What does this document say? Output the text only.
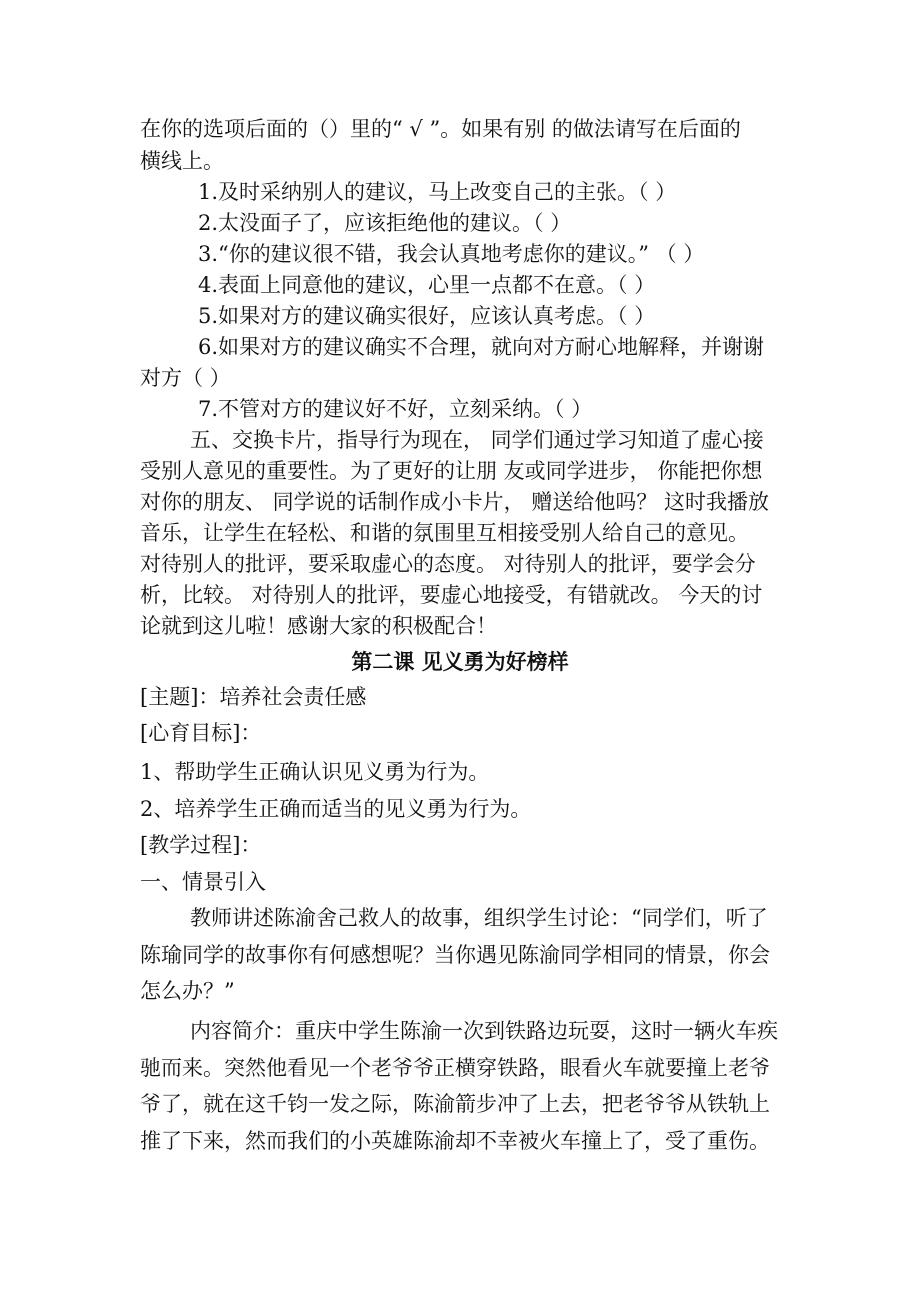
在你的选项后面的（）里的“ √ ”。如果有别 的做法请写在后面的
横线上。
1.及时采纳别人的建议，马上改变自己的主张。（ ）
2.太没面子了，应该拒绝他的建议。（ ）
3.“你的建议很不错，我会认真地考虑你的建议。” （ ）
4.表面上同意他的建议，心里一点都不在意。（ ）
5.如果对方的建议确实很好，应该认真考虑。（ ）
6.如果对方的建议确实不合理，就向对方耐心地解释，并谢谢
对方（ ）
7.不管对方的建议好不好，立刻采纳。（ ）
五、交换卡片，指导行为现在， 同学们通过学习知道了虚心接
受别人意见的重要性。为了更好的让朋 友或同学进步， 你能把你想
对你的朋友、 同学说的话制作成小卡片， 赠送给他吗？ 这时我播放
音乐，让学生在轻松、和谐的氛围里互相接受别人给自己的意见。
对待别人的批评，要采取虚心的态度。 对待别人的批评，要学会分
析，比较。 对待别人的批评，要虚心地接受，有错就改。 今天的讨
论就到这儿啦！感谢大家的积极配合！
第二课 见义勇为好榜样
[主题]：培养社会责任感
[心育目标]：
1、帮助学生正确认识见义勇为行为。
2、培养学生正确而适当的见义勇为行为。
[教学过程]：
一、情景引入
教师讲述陈渝舍己救人的故事，组织学生讨论：“同学们，听了
陈瑜同学的故事你有何感想呢？当你遇见陈渝同学相同的情景，你会
怎么办？”
内容简介：重庆中学生陈渝一次到铁路边玩耍，这时一辆火车疾
驰而来。突然他看见一个老爷爷正横穿铁路，眼看火车就要撞上老爷
爷了，就在这千钧一发之际，陈渝箭步冲了上去，把老爷爷从铁轨上
推了下来，然而我们的小英雄陈渝却不幸被火车撞上了，受了重伤。
